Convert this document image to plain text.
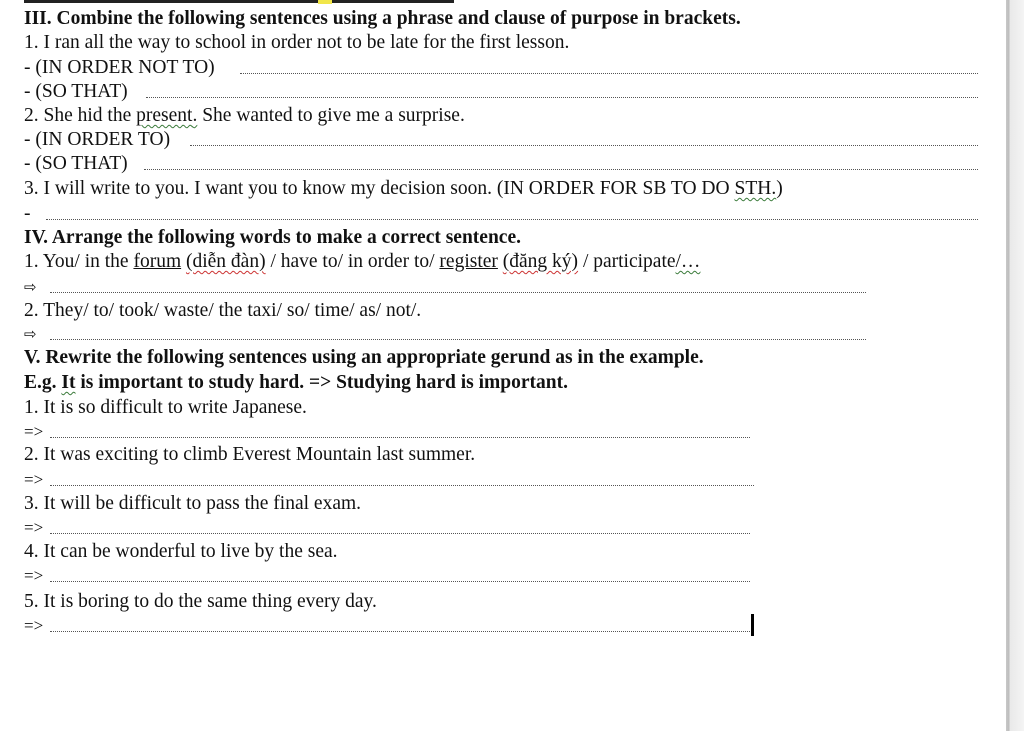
III. Combine the following sentences using a phrase and clause of purpose in brackets.
1. I ran all the way to school in order not to be late for the first lesson.
- (IN ORDER NOT TO)
- (SO THAT)
2. She hid the present. She wanted to give me a surprise.
- (IN ORDER TO)
- (SO THAT)
3. I will write to you. I want you to know my decision soon. (IN ORDER FOR SB TO DO STH.)
-
IV. Arrange the following words to make a correct sentence.
1. You/ in the forum (diễn đàn) / have to/ in order to/ register (đăng ký) / participate/…
⇨
2. They/ to/ took/ waste/ the taxi/ so/ time/ as/ not/.
⇨
V. Rewrite the following sentences using an appropriate gerund as in the example.
E.g. It is important to study hard. => Studying hard is important.
1. It is so difficult to write Japanese.
=>
2. It was exciting to climb Everest Mountain last summer.
=>
3. It will be difficult to pass the final exam.
=>
4. It can be wonderful to live by the sea.
=>
5. It is boring to do the same thing every day.
=>
